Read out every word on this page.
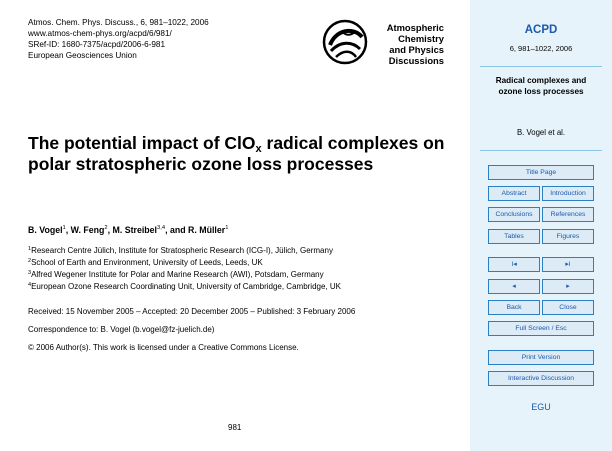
Atmos. Chem. Phys. Discuss., 6, 981–1022, 2006
www.atmos-chem-phys.org/acpd/6/981/
SRef-ID: 1680-7375/acpd/2006-6-981
European Geosciences Union
Atmospheric
Chemistry
and Physics
Discussions
The potential impact of ClO$_x$ radical complexes on polar stratospheric ozone loss processes
B. Vogel$^1$, W. Feng$^2$, M. Streibel$^{3,4}$, and R. Müller$^1$
$^1$Research Centre Jülich, Institute for Stratospheric Research (ICG-I), Jülich, Germany
$^2$School of Earth and Environment, University of Leeds, Leeds, UK
$^3$Alfred Wegener Institute for Polar and Marine Research (AWI), Potsdam, Germany
$^4$European Ozone Research Coordinating Unit, University of Cambridge, Cambridge, UK
Received: 15 November 2005 – Accepted: 20 December 2005 – Published: 3 February 2006
Correspondence to: B. Vogel (b.vogel@fz-juelich.de)
© 2006 Author(s). This work is licensed under a Creative Commons License.
981
ACPD
6, 981–1022, 2006
Radical complexes and ozone loss processes
B. Vogel et al.
Title Page
Abstract	Introduction
Conclusions	References
Tables	Figures
I◂	▸I
◂	▸
Back	Close
Full Screen / Esc
Print Version
Interactive Discussion
EGU
